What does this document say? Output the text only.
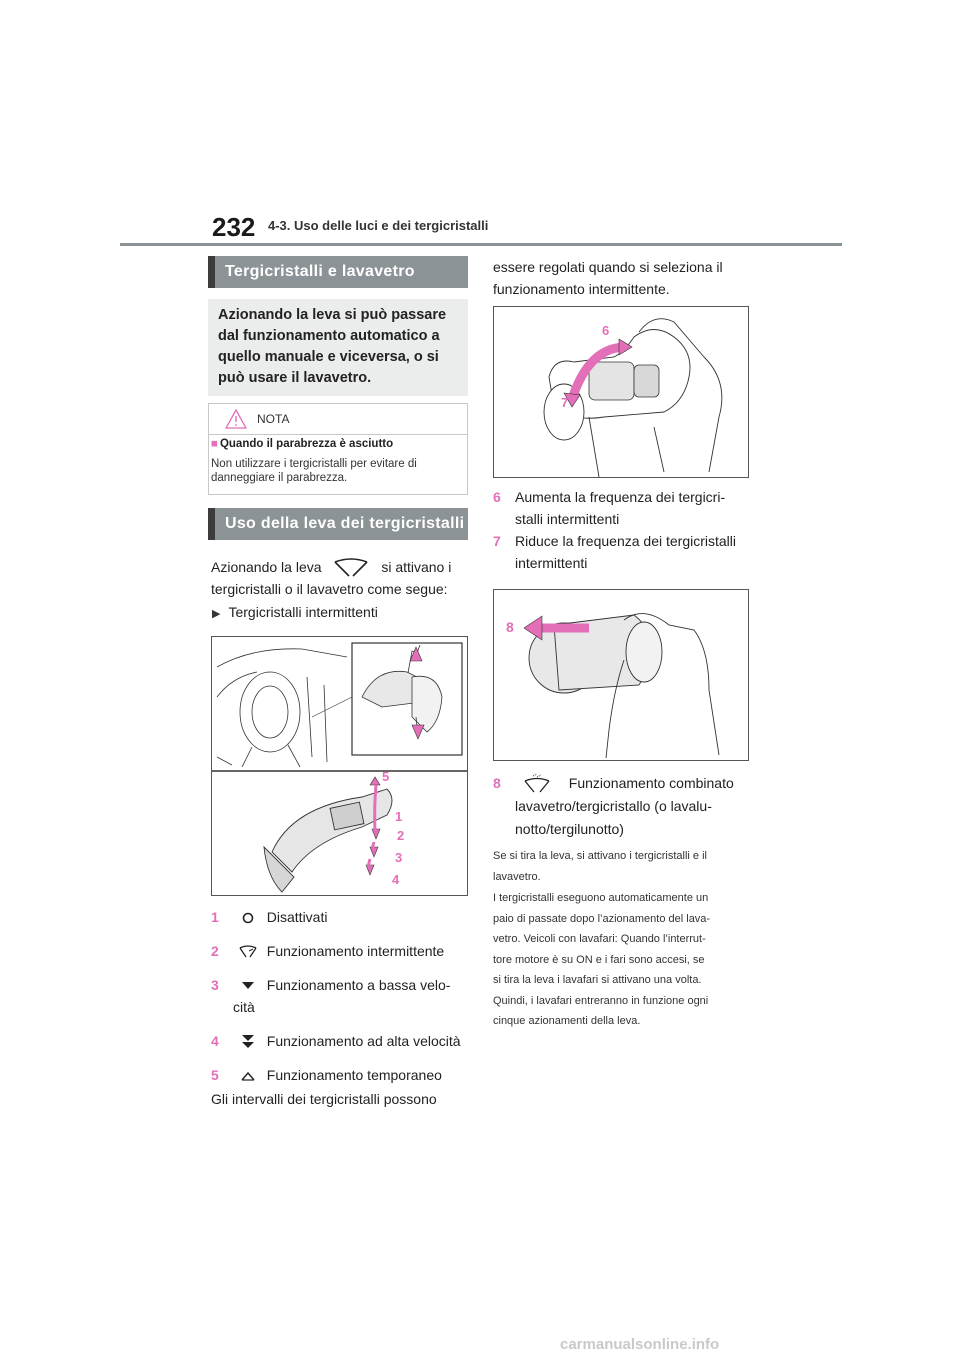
232 4-3. Uso delle luci e dei tergicristalli
Tergicristalli e lavavetro
Azionando la leva si può passare dal funzionamento automatico a quello manuale e viceversa, o si può usare il lavavetro.
NOTA
■ Quando il parabrezza è asciutto
Non utilizzare i tergicristalli per evitare di danneggiare il parabrezza.
Uso della leva dei tergicristalli
Azionando la leva	si attivano i
tergicristalli o il lavavetro come segue:
▶ Tergicristalli intermittenti
5
1
2
3
4
1	Disattivati
2	Funzionamento intermittente
3	Funzionamento a bassa velo-
cità
4	Funzionamento ad alta velocità
5	Funzionamento temporaneo
Gli intervalli dei tergicristalli possono
essere regolati quando si seleziona il
funzionamento intermittente.
6
7
6 Aumenta la frequenza dei tergicri-
stalli intermittenti
7 Riduce la frequenza dei tergicristalli
intermittenti
8
8	Funzionamento combinato
lavavetro/tergicristallo (o lavalu-
notto/tergilunotto)
Se si tira la leva, si attivano i tergicristalli e il
lavavetro.
I tergicristalli eseguono automaticamente un
paio di passate dopo l’azionamento del lava-
vetro. Veicoli con lavafari: Quando l’interrut-
tore motore è su ON e i fari sono accesi, se
si tira la leva i lavafari si attivano una volta.
Quindi, i lavafari entreranno in funzione ogni
cinque azionamenti della leva.
carmanualsonline.info
